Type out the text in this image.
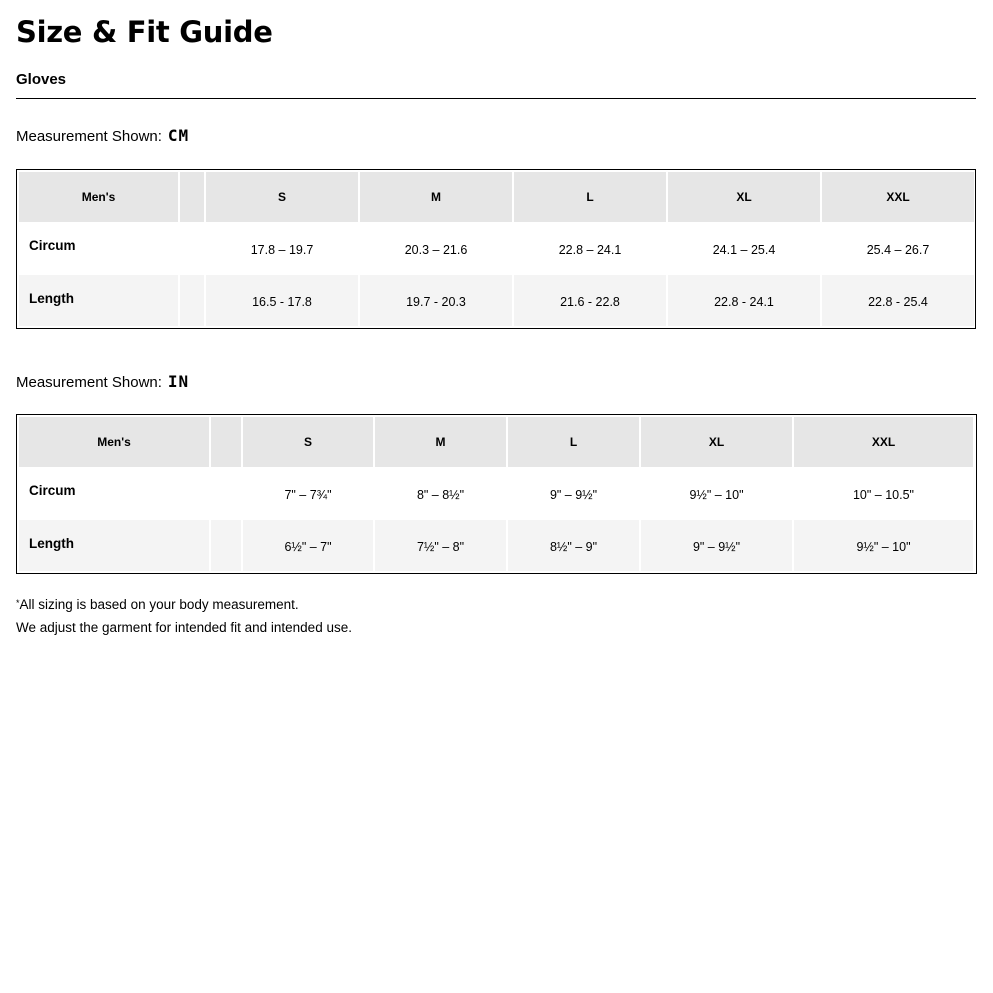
Size & Fit Guide
Gloves
Measurement Shown: CM
Men's	S	M	L	XL	XXL
Circum	17.8 – 19.7	20.3 – 21.6	22.8 – 24.1	24.1 – 25.4	25.4 – 26.7
Length	16.5 - 17.8	19.7 - 20.3	21.6 - 22.8	22.8 - 24.1	22.8 - 25.4
Measurement Shown: IN
Men's	S	M	L	XL	XXL
Circum	7" – 7¾"	8" – 8½"	9" – 9½"	9½" – 10"	10" – 10.5"
Length	6½" – 7"	7½" – 8"	8½" – 9"	9" – 9½"	9½" – 10"
*All sizing is based on your body measurement.
We adjust the garment for intended fit and intended use.
